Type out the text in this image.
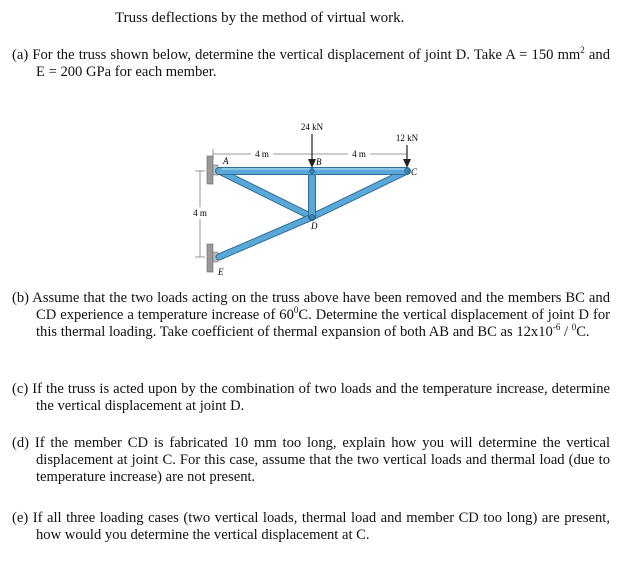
Truss deflections by the method of virtual work.

(a) For the truss shown below, determine the vertical displacement of joint D. Take A = 150 $mm^2$ and E = 200 GPa for each member.

4 m	4 m
4 m
24 kN
12 kN
A	B
C
D
E

(b) Assume that the two loads acting on the truss above have been removed and the members BC and CD experience a temperature increase of $60^0C$. Determine the vertical displacement of joint D for this thermal loading. Take coefficient of thermal expansion of both AB and BC as $12x10^{-6} / ^0C$.

(c) If the truss is acted upon by the combination of two loads and the temperature increase, determine the vertical displacement at joint D.

(d) If the member CD is fabricated 10 mm too long, explain how you will determine the vertical displacement at joint C. For this case, assume that the two vertical loads and thermal load (due to temperature increase) are not present.

(e) If all three loading cases (two vertical loads, thermal load and member CD too long) are present, how would you determine the vertical displacement at C.
